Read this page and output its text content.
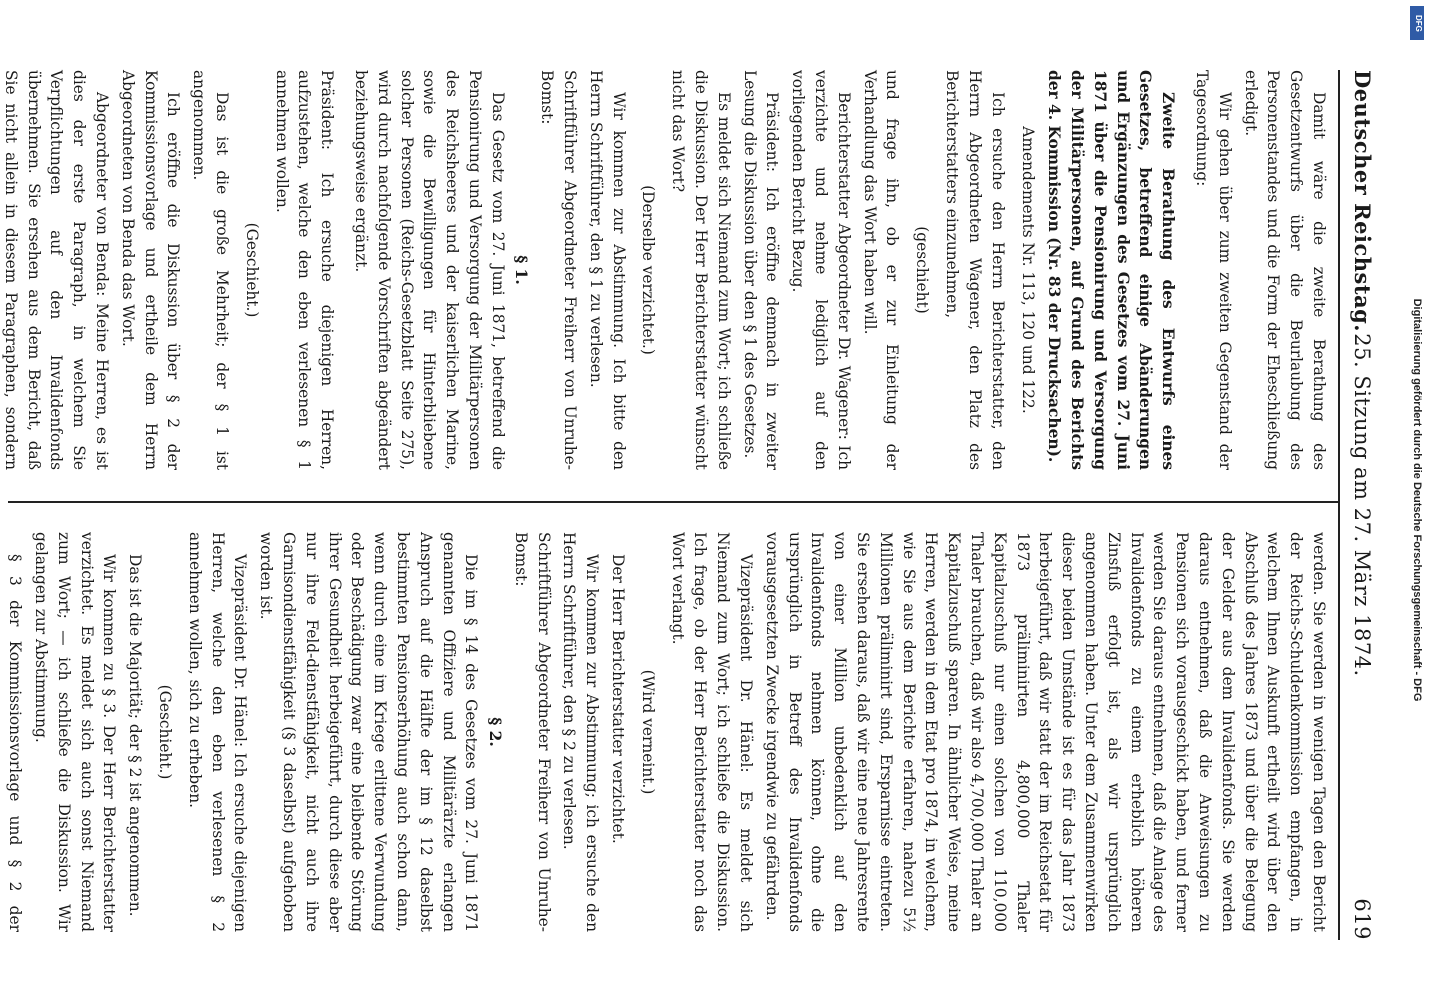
Deutscher Reichstag.
25. Sitzung am 27. März 1874.
619

Damit wäre die zweite Berathung des Gesetzentwurfs über die Beurlaubung des Personenstandes und die Form der Eheschließung erledigt.

Wir gehen über zum zweiten Gegenstand der Tagesordnung:

Zweite Berathung des Entwurfs eines Gesetzes, betreffend einige Abänderungen und Ergänzungen des Gesetzes vom 27. Juni 1871 über die Pensionirung und Versorgung der Militärpersonen, auf Grund des Berichts der 4. Kommission (Nr. 83 der Drucksachen).

Amendements Nr. 113, 120 und 122.

Ich ersuche den Herrn Berichterstatter, den Herrn Abgeordneten Wagener, den Platz des Berichterstatters einzunehmen,

(geschieht)

und frage ihn, ob er zur Einleitung der Verhandlung das Wort haben will.

Berichterstatter Abgeordneter Dr. Wagener: Ich verzichte und nehme lediglich auf den vorliegenden Bericht Bezug.

Präsident: Ich eröffne demnach in zweiter Lesung die Diskussion über den § 1 des Gesetzes.

Es meldet sich Niemand zum Wort; ich schließe die Diskussion. Der Herr Berichterstatter wünscht nicht das Wort?

(Derselbe verzichtet.)

Wir kommen zur Abstimmung. Ich bitte den Herrn Schriftführer, den § 1 zu verlesen.

Schriftführer Abgeordneter Freiherr von Unruhe-Bomst:

§ 1.

Das Gesetz vom 27. Juni 1871, betreffend die Pensionirung und Versorgung der Militärpersonen des Reichsheeres und der kaiserlichen Marine, sowie die Bewilligungen für Hinterbliebene solcher Personen (Reichs-Gesetzblatt Seite 275), wird durch nachfolgende Vorschriften abgeändert beziehungsweise ergänzt.

Präsident: Ich ersuche diejenigen Herren, aufzustehen, welche den eben verlesenen § 1 annehmen wollen.

(Geschieht.)

Das ist die große Mehrheit; der § 1 ist angenommen.

Ich eröffne die Diskussion über § 2 der Kommissionsvorlage und ertheile dem Herrn Abgeordneten von Benda das Wort.

Abgeordneter von Benda: Meine Herren, es ist dies der erste Paragraph, in welchem Sie Verpflichtungen auf den Invalidenfonds übernehmen. Sie ersehen aus dem Bericht, daß Sie nicht allein in diesem Paragraphen, sondern

werden. Sie werden in wenigen Tagen den Bericht der Reichs-Schuldenkommission empfangen, in welchem Ihnen Auskunft ertheilt wird über den Abschluß des Jahres 1873 und über die Belegung der Gelder aus dem Invalidenfonds. Sie werden daraus entnehmen, daß die Anweisungen zu Pensionen sich vorausgeschickt haben, und ferner werden Sie daraus entnehmen, daß die Anlage des Invalidenfonds zu einem erheblich höheren Zinsfuß erfolgt ist, als wir ursprünglich angenommen haben. Unter dem Zusammenwirken dieser beiden Umstände ist es für das Jahr 1873 herbeigeführt, daß wir statt der im Reichsetat für 1873 präliminirten 4,800,000 Thaler Kapitalzuschuß nur einen solchen von 110,000 Thaler brauchen, daß wir also 4,700,000 Thaler an Kapitalzuschuß sparen. In ähnlicher Weise, meine Herren, werden in dem Etat pro 1874, in welchem, wie Sie aus dem Berichte erfahren, nahezu 5½ Millionen präliminirt sind, Ersparnisse eintreten. Sie ersehen daraus, daß wir eine neue Jahresrente von einer Million unbedenklich auf den Invalidenfonds nehmen können, ohne die ursprünglich in Betreff des Invalidenfonds vorausgesetzten Zwecke irgendwie zu gefährden.

Vizepräsident Dr. Hänel: Es meldet sich Niemand zum Wort; ich schließe die Diskussion. Ich frage, ob der Herr Berichterstatter noch das Wort verlangt.

(Wird verneint.)

Der Herr Berichterstatter verzichtet.

Wir kommen zur Abstimmung; ich ersuche den Herrn Schriftführer, den § 2 zu verlesen.

Schriftführer Abgeordneter Freiherr von Unruhe-Bomst:

§ 2.

Die im § 14 des Gesetzes vom 27. Juni 1871 genannten Offiziere und Militärärzte erlangen Anspruch auf die Hälfte der im § 12 daselbst bestimmten Pensionserhöhung auch schon dann, wenn durch eine im Kriege erlittene Verwundung oder Beschädigung zwar eine bleibende Störung ihrer Gesundheit herbeigeführt, durch diese aber nur ihre Feld-dienstfähigkeit, nicht auch ihre Garnisondienstfähigkeit (§ 3 daselbst) aufgehoben worden ist.

Vizepräsident Dr. Hänel: Ich ersuche diejenigen Herren, welche den eben verlesenen § 2 annehmen wollen, sich zu erheben.

(Geschieht.)

Das ist die Majorität; der § 2 ist angenommen.

Wir kommen zu § 3. Der Herr Berichterstatter verzichtet. Es meldet sich auch sonst Niemand zum Wort; — ich schließe die Diskussion. Wir gelangen zur Abstimmung.

§ 3 der Kommissionsvorlage und § 2 der

Digitalisierung gefördert durch die Deutsche Forschungsgemeinschaft - DFG
DFG
